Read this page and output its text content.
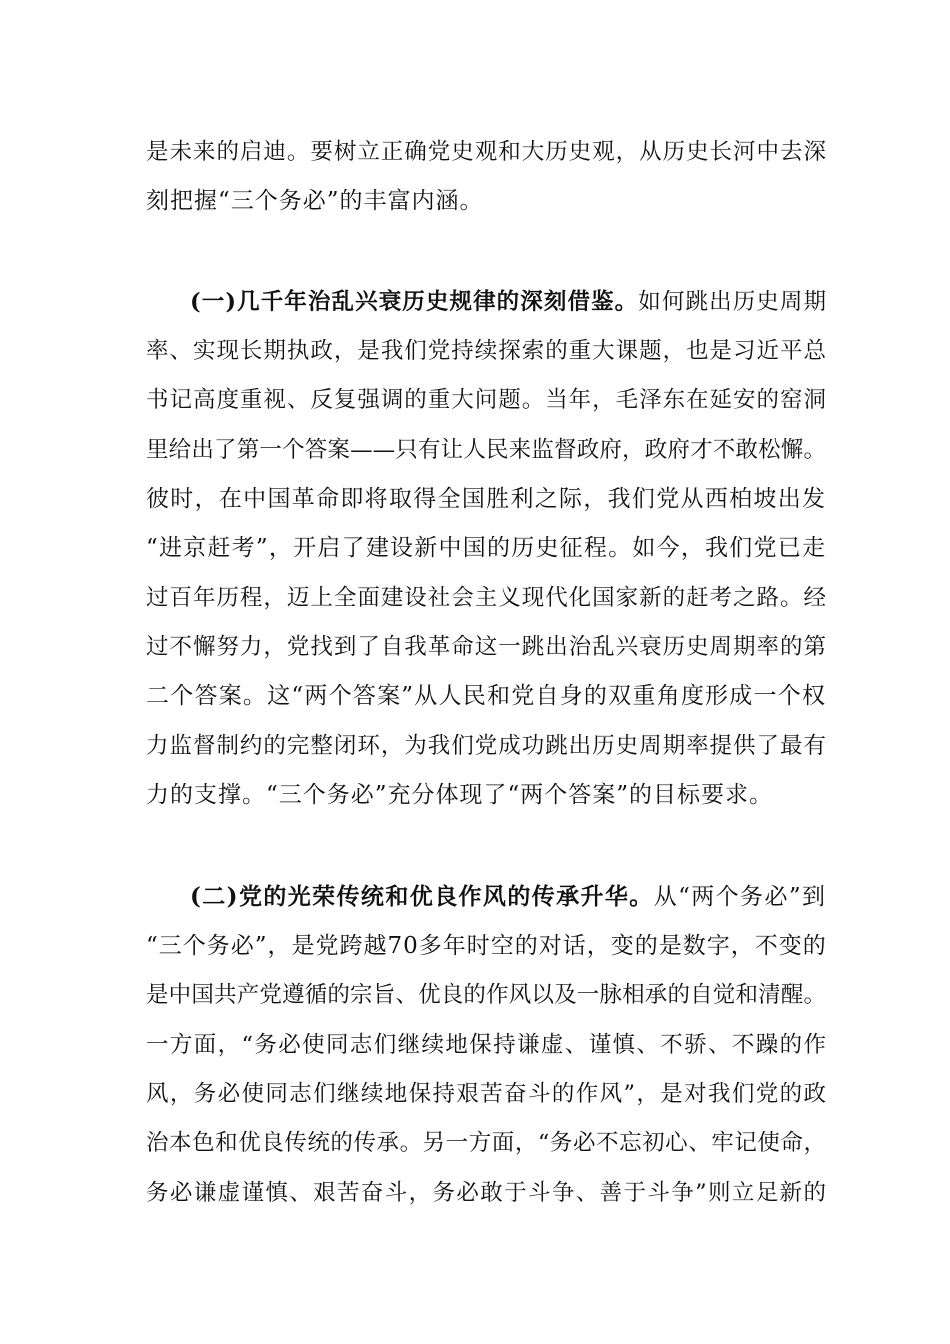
是未来的启迪。要树立正确党史观和大历史观，从历史长河中去深
刻把握“三个务必”的丰富内涵。
(一)几千年治乱兴衰历史规律的深刻借鉴。如何跳出历史周期
率、实现长期执政，是我们党持续探索的重大课题，也是习近平总
书记高度重视、反复强调的重大问题。当年，毛泽东在延安的窑洞
里给出了第一个答案——只有让人民来监督政府，政府才不敢松懈。
彼时，在中国革命即将取得全国胜利之际，我们党从西柏坡出发
“进京赶考”，开启了建设新中国的历史征程。如今，我们党已走
过百年历程，迈上全面建设社会主义现代化国家新的赶考之路。经
过不懈努力，党找到了自我革命这一跳出治乱兴衰历史周期率的第
二个答案。这“两个答案”从人民和党自身的双重角度形成一个权
力监督制约的完整闭环，为我们党成功跳出历史周期率提供了最有
力的支撑。“三个务必”充分体现了“两个答案”的目标要求。
(二)党的光荣传统和优良作风的传承升华。从“两个务必”到
“三个务必”，是党跨越70多年时空的对话，变的是数字，不变的
是中国共产党遵循的宗旨、优良的作风以及一脉相承的自觉和清醒。
一方面，“务必使同志们继续地保持谦虚、谨慎、不骄、不躁的作
风，务必使同志们继续地保持艰苦奋斗的作风”，是对我们党的政
治本色和优良传统的传承。另一方面，“务必不忘初心、牢记使命，
务必谦虚谨慎、艰苦奋斗，务必敢于斗争、善于斗争”则立足新的
